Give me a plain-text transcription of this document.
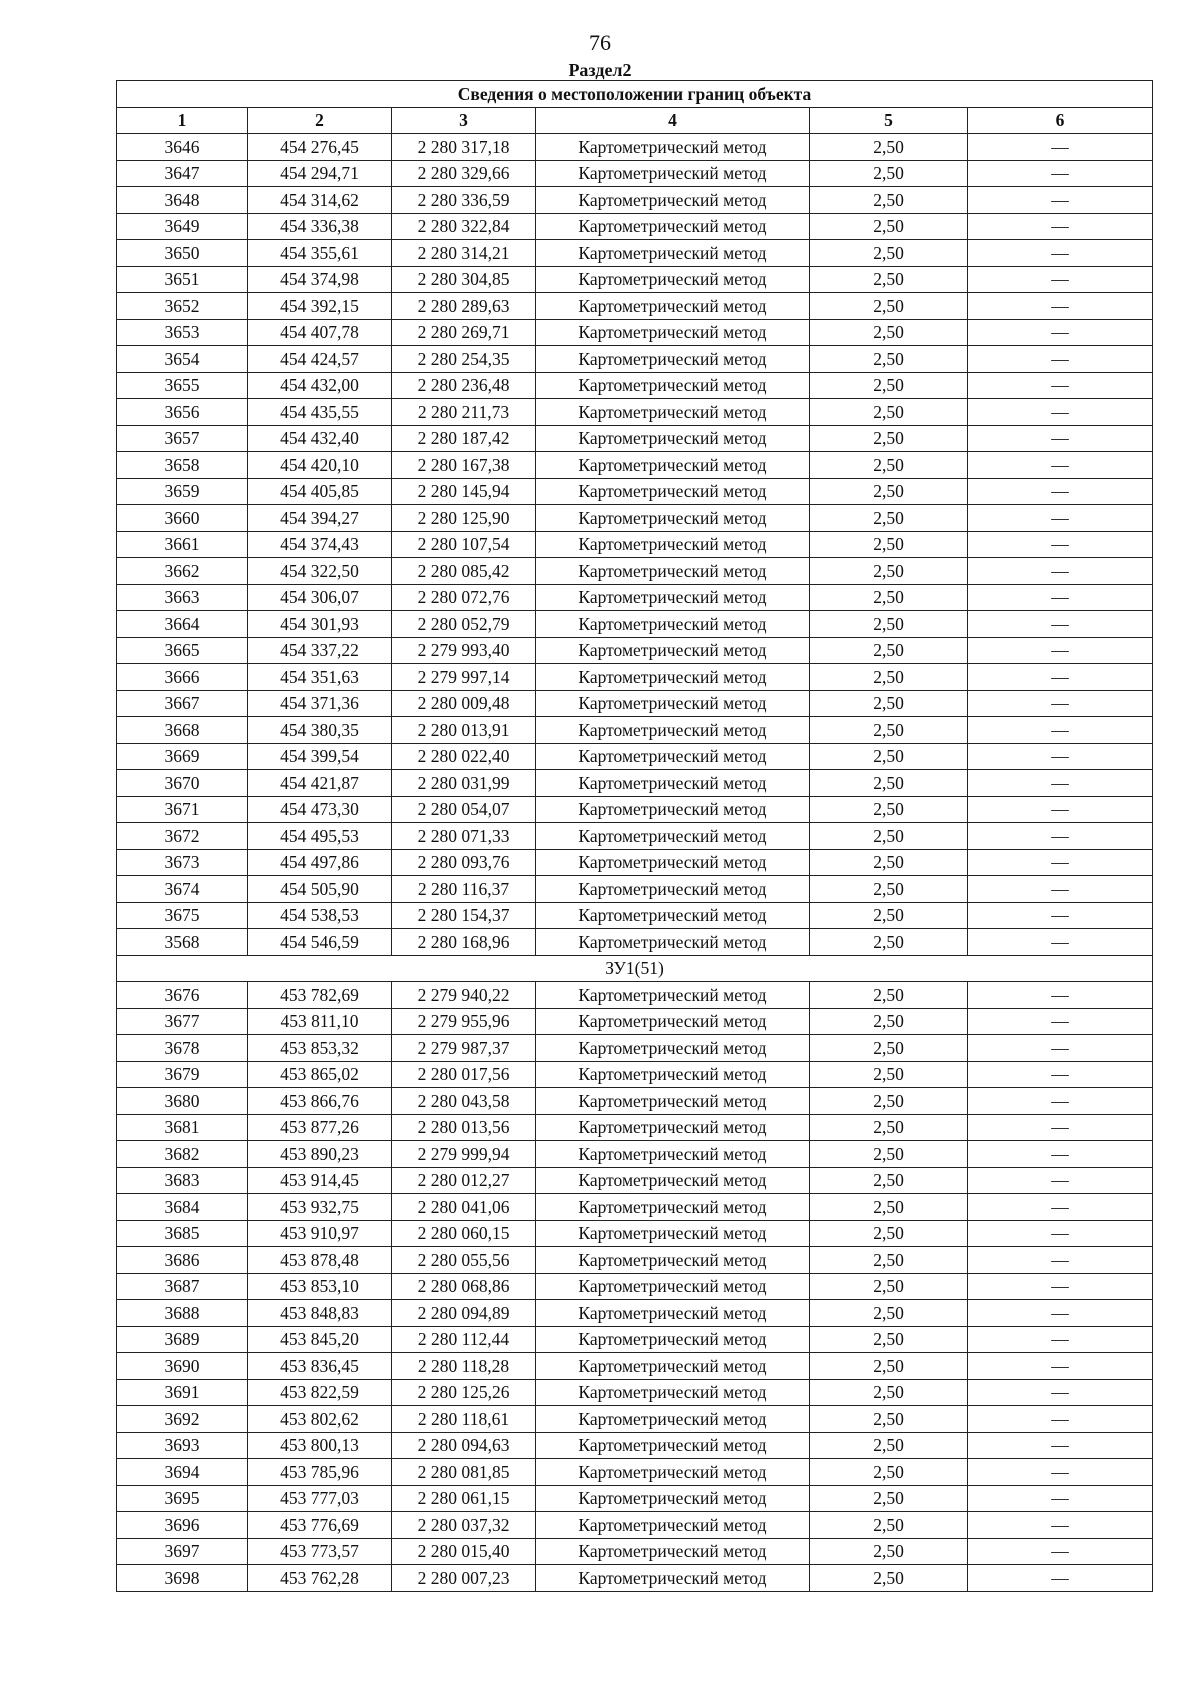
76
Раздел2
Сведения о местоположении границ объекта					
1	2	3	4	5	6
3646	454 276,45	2 280 317,18	Картометрический метод	2,50	—
3647	454 294,71	2 280 329,66	Картометрический метод	2,50	—
3648	454 314,62	2 280 336,59	Картометрический метод	2,50	—
3649	454 336,38	2 280 322,84	Картометрический метод	2,50	—
3650	454 355,61	2 280 314,21	Картометрический метод	2,50	—
3651	454 374,98	2 280 304,85	Картометрический метод	2,50	—
3652	454 392,15	2 280 289,63	Картометрический метод	2,50	—
3653	454 407,78	2 280 269,71	Картометрический метод	2,50	—
3654	454 424,57	2 280 254,35	Картометрический метод	2,50	—
3655	454 432,00	2 280 236,48	Картометрический метод	2,50	—
3656	454 435,55	2 280 211,73	Картометрический метод	2,50	—
3657	454 432,40	2 280 187,42	Картометрический метод	2,50	—
3658	454 420,10	2 280 167,38	Картометрический метод	2,50	—
3659	454 405,85	2 280 145,94	Картометрический метод	2,50	—
3660	454 394,27	2 280 125,90	Картометрический метод	2,50	—
3661	454 374,43	2 280 107,54	Картометрический метод	2,50	—
3662	454 322,50	2 280 085,42	Картометрический метод	2,50	—
3663	454 306,07	2 280 072,76	Картометрический метод	2,50	—
3664	454 301,93	2 280 052,79	Картометрический метод	2,50	—
3665	454 337,22	2 279 993,40	Картометрический метод	2,50	—
3666	454 351,63	2 279 997,14	Картометрический метод	2,50	—
3667	454 371,36	2 280 009,48	Картометрический метод	2,50	—
3668	454 380,35	2 280 013,91	Картометрический метод	2,50	—
3669	454 399,54	2 280 022,40	Картометрический метод	2,50	—
3670	454 421,87	2 280 031,99	Картометрический метод	2,50	—
3671	454 473,30	2 280 054,07	Картометрический метод	2,50	—
3672	454 495,53	2 280 071,33	Картометрический метод	2,50	—
3673	454 497,86	2 280 093,76	Картометрический метод	2,50	—
3674	454 505,90	2 280 116,37	Картометрический метод	2,50	—
3675	454 538,53	2 280 154,37	Картометрический метод	2,50	—
3568	454 546,59	2 280 168,96	Картометрический метод	2,50	—
ЗУ1(51)					
3676	453 782,69	2 279 940,22	Картометрический метод	2,50	—
3677	453 811,10	2 279 955,96	Картометрический метод	2,50	—
3678	453 853,32	2 279 987,37	Картометрический метод	2,50	—
3679	453 865,02	2 280 017,56	Картометрический метод	2,50	—
3680	453 866,76	2 280 043,58	Картометрический метод	2,50	—
3681	453 877,26	2 280 013,56	Картометрический метод	2,50	—
3682	453 890,23	2 279 999,94	Картометрический метод	2,50	—
3683	453 914,45	2 280 012,27	Картометрический метод	2,50	—
3684	453 932,75	2 280 041,06	Картометрический метод	2,50	—
3685	453 910,97	2 280 060,15	Картометрический метод	2,50	—
3686	453 878,48	2 280 055,56	Картометрический метод	2,50	—
3687	453 853,10	2 280 068,86	Картометрический метод	2,50	—
3688	453 848,83	2 280 094,89	Картометрический метод	2,50	—
3689	453 845,20	2 280 112,44	Картометрический метод	2,50	—
3690	453 836,45	2 280 118,28	Картометрический метод	2,50	—
3691	453 822,59	2 280 125,26	Картометрический метод	2,50	—
3692	453 802,62	2 280 118,61	Картометрический метод	2,50	—
3693	453 800,13	2 280 094,63	Картометрический метод	2,50	—
3694	453 785,96	2 280 081,85	Картометрический метод	2,50	—
3695	453 777,03	2 280 061,15	Картометрический метод	2,50	—
3696	453 776,69	2 280 037,32	Картометрический метод	2,50	—
3697	453 773,57	2 280 015,40	Картометрический метод	2,50	—
3698	453 762,28	2 280 007,23	Картометрический метод	2,50	—
